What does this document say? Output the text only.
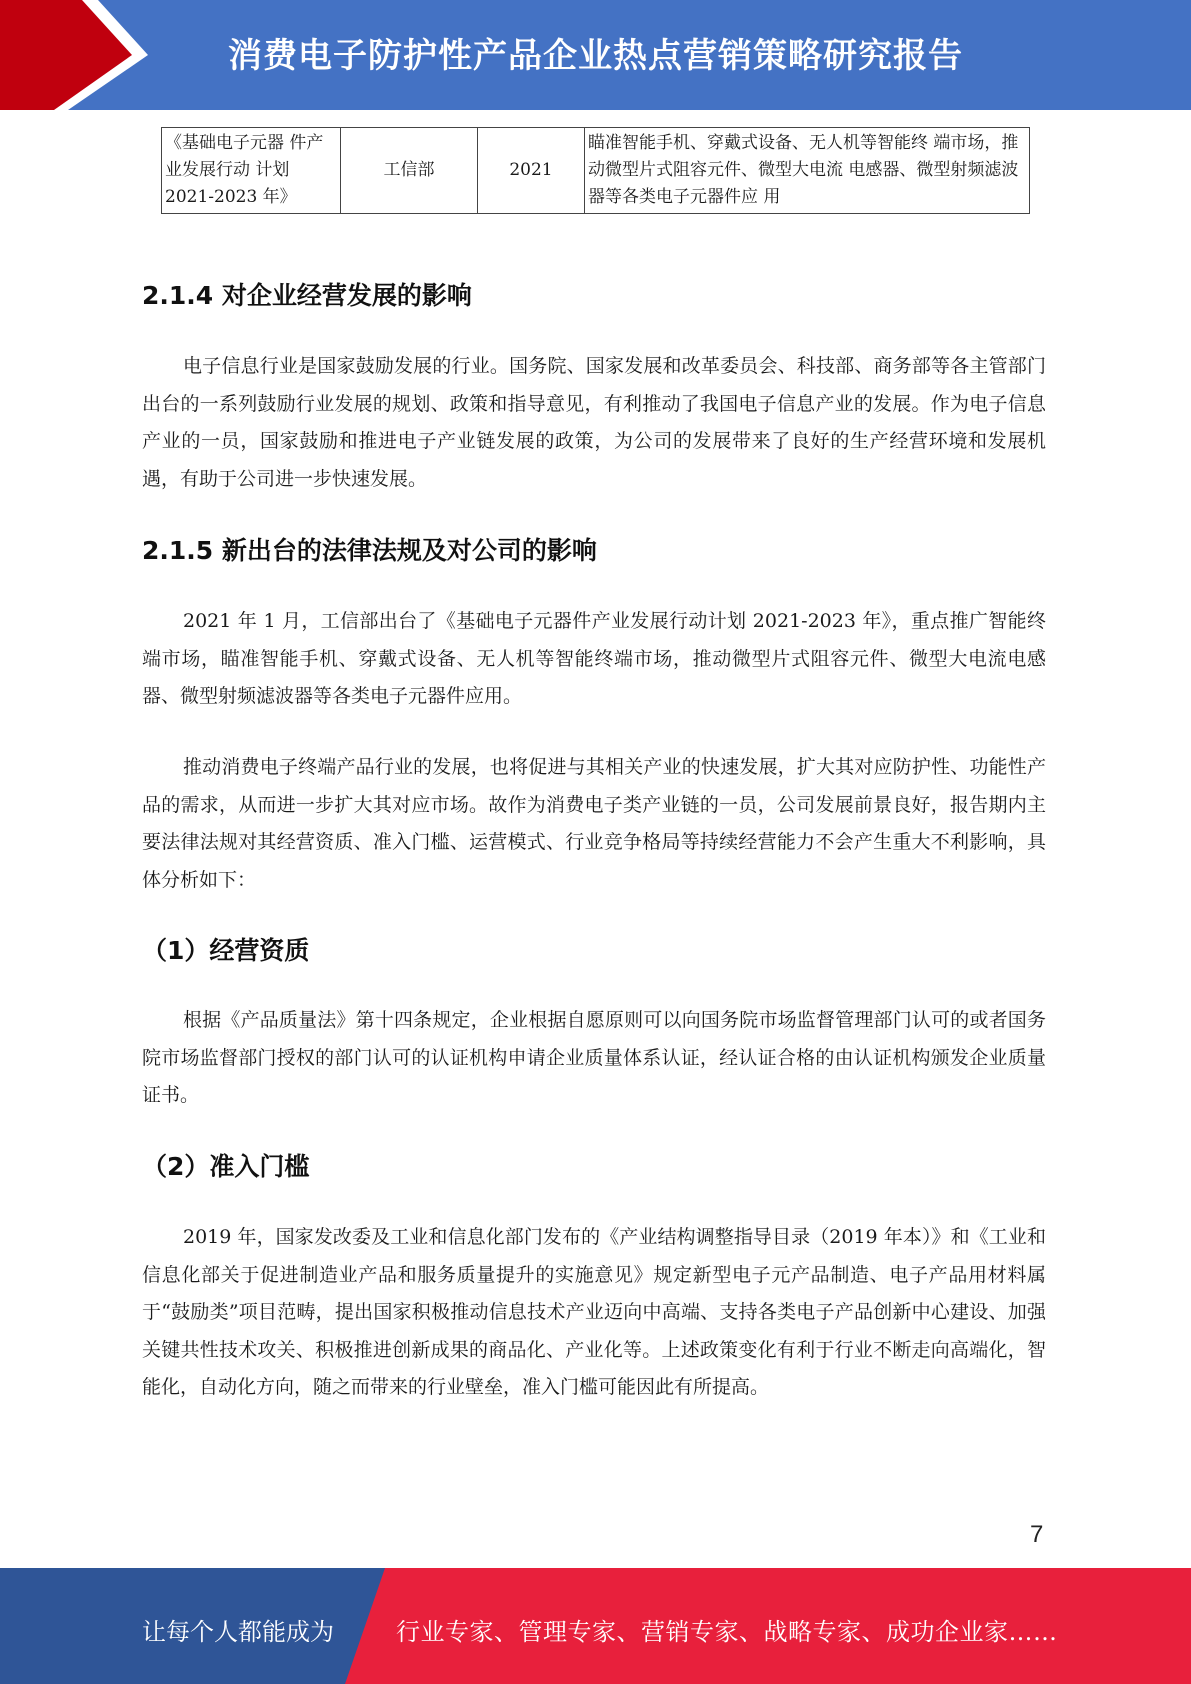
消费电子防护性产品企业热点营销策略研究报告
《基础电子元器 件产业发展行动 计划 2021-2023 年》	工信部	2021	瞄准智能手机、穿戴式设备、无人机等智能终 端市场，推动微型片式阻容元件、微型大电流 电感器、微型射频滤波器等各类电子元器件应 用
2.1.4 对企业经营发展的影响

电子信息行业是国家鼓励发展的行业。国务院、国家发展和改革委员会、科技部、商务部等各主管部门出台的一系列鼓励行业发展的规划、政策和指导意见，有利推动了我国电子信息产业的发展。作为电子信息产业的一员，国家鼓励和推进电子产业链发展的政策，为公司的发展带来了良好的生产经营环境和发展机遇，有助于公司进一步快速发展。

2.1.5 新出台的法律法规及对公司的影响

2021 年 1 月，工信部出台了《基础电子元器件产业发展行动计划 2021-2023 年》，重点推广智能终端市场，瞄准智能手机、穿戴式设备、无人机等智能终端市场，推动微型片式阻容元件、微型大电流电感器、微型射频滤波器等各类电子元器件应用。

推动消费电子终端产品行业的发展，也将促进与其相关产业的快速发展，扩大其对应防护性、功能性产品的需求，从而进一步扩大其对应市场。故作为消费电子类产业链的一员，公司发展前景良好，报告期内主要法律法规对其经营资质、准入门槛、运营模式、行业竞争格局等持续经营能力不会产生重大不利影响，具体分析如下：

（1）经营资质

根据《产品质量法》第十四条规定，企业根据自愿原则可以向国务院市场监督管理部门认可的或者国务院市场监督部门授权的部门认可的认证机构申请企业质量体系认证，经认证合格的由认证机构颁发企业质量证书。

（2）准入门槛

2019 年，国家发改委及工业和信息化部门发布的《产业结构调整指导目录（2019 年本）》和《工业和信息化部关于促进制造业产品和服务质量提升的实施意见》规定新型电子元产品制造、电子产品用材料属于“鼓励类”项目范畴，提出国家积极推动信息技术产业迈向中高端、支持各类电子产品创新中心建设、加强关键共性技术攻关、积极推进创新成果的商品化、产业化等。上述政策变化有利于行业不断走向高端化，智能化，自动化方向，随之而带来的行业壁垒，准入门槛可能因此有所提高。

7
让每个人都能成为	行业专家、管理专家、营销专家、战略专家、成功企业家……
